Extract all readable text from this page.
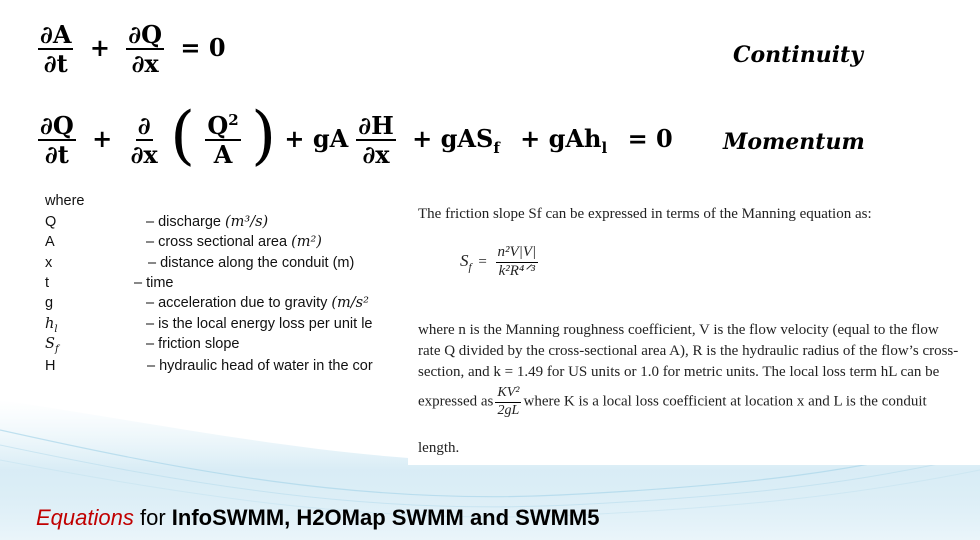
$\frac{\partial A}{\partial t} + \frac{\partial Q}{\partial x} = 0$	Continuity
$\frac{\partial Q}{\partial t} + \frac{\partial}{\partial x}$ ( $\frac{Q^2}{A}$ ) + gA $\frac{\partial H}{\partial x} + gAS_f + gAh_l = 0$ Momentum
where
Q	– discharge (m³/s)
A	– cross sectional area (m²)
x	– distance along the conduit (m)
t	– time
g	– acceleration due to gravity (m/s²
$h_l$	– is the local energy loss per unit le
$S_f$	– friction slope
H	– hydraulic head of water in the cor

The friction slope Sf can be expressed in terms of the Manning equation as:

$S_f = \frac{\text{n²V|V|}}{\text{k²R⁴ᐟ³}}$

where n is the Manning roughness coefficient, V is the flow velocity (equal to the flow

rate Q divided by the cross-sectional area A), R is the hydraulic radius of the flow’s cross-

section, and k = 1.49 for US units or 1.0 for metric units. The local loss term hL can be

expressed as $\frac{\text{KV²}}{2gL}$ where K is a local loss coefficient at location x and L is the conduit

length.

Equations for InfoSWMM, H2OMap SWMM and SWMM5
